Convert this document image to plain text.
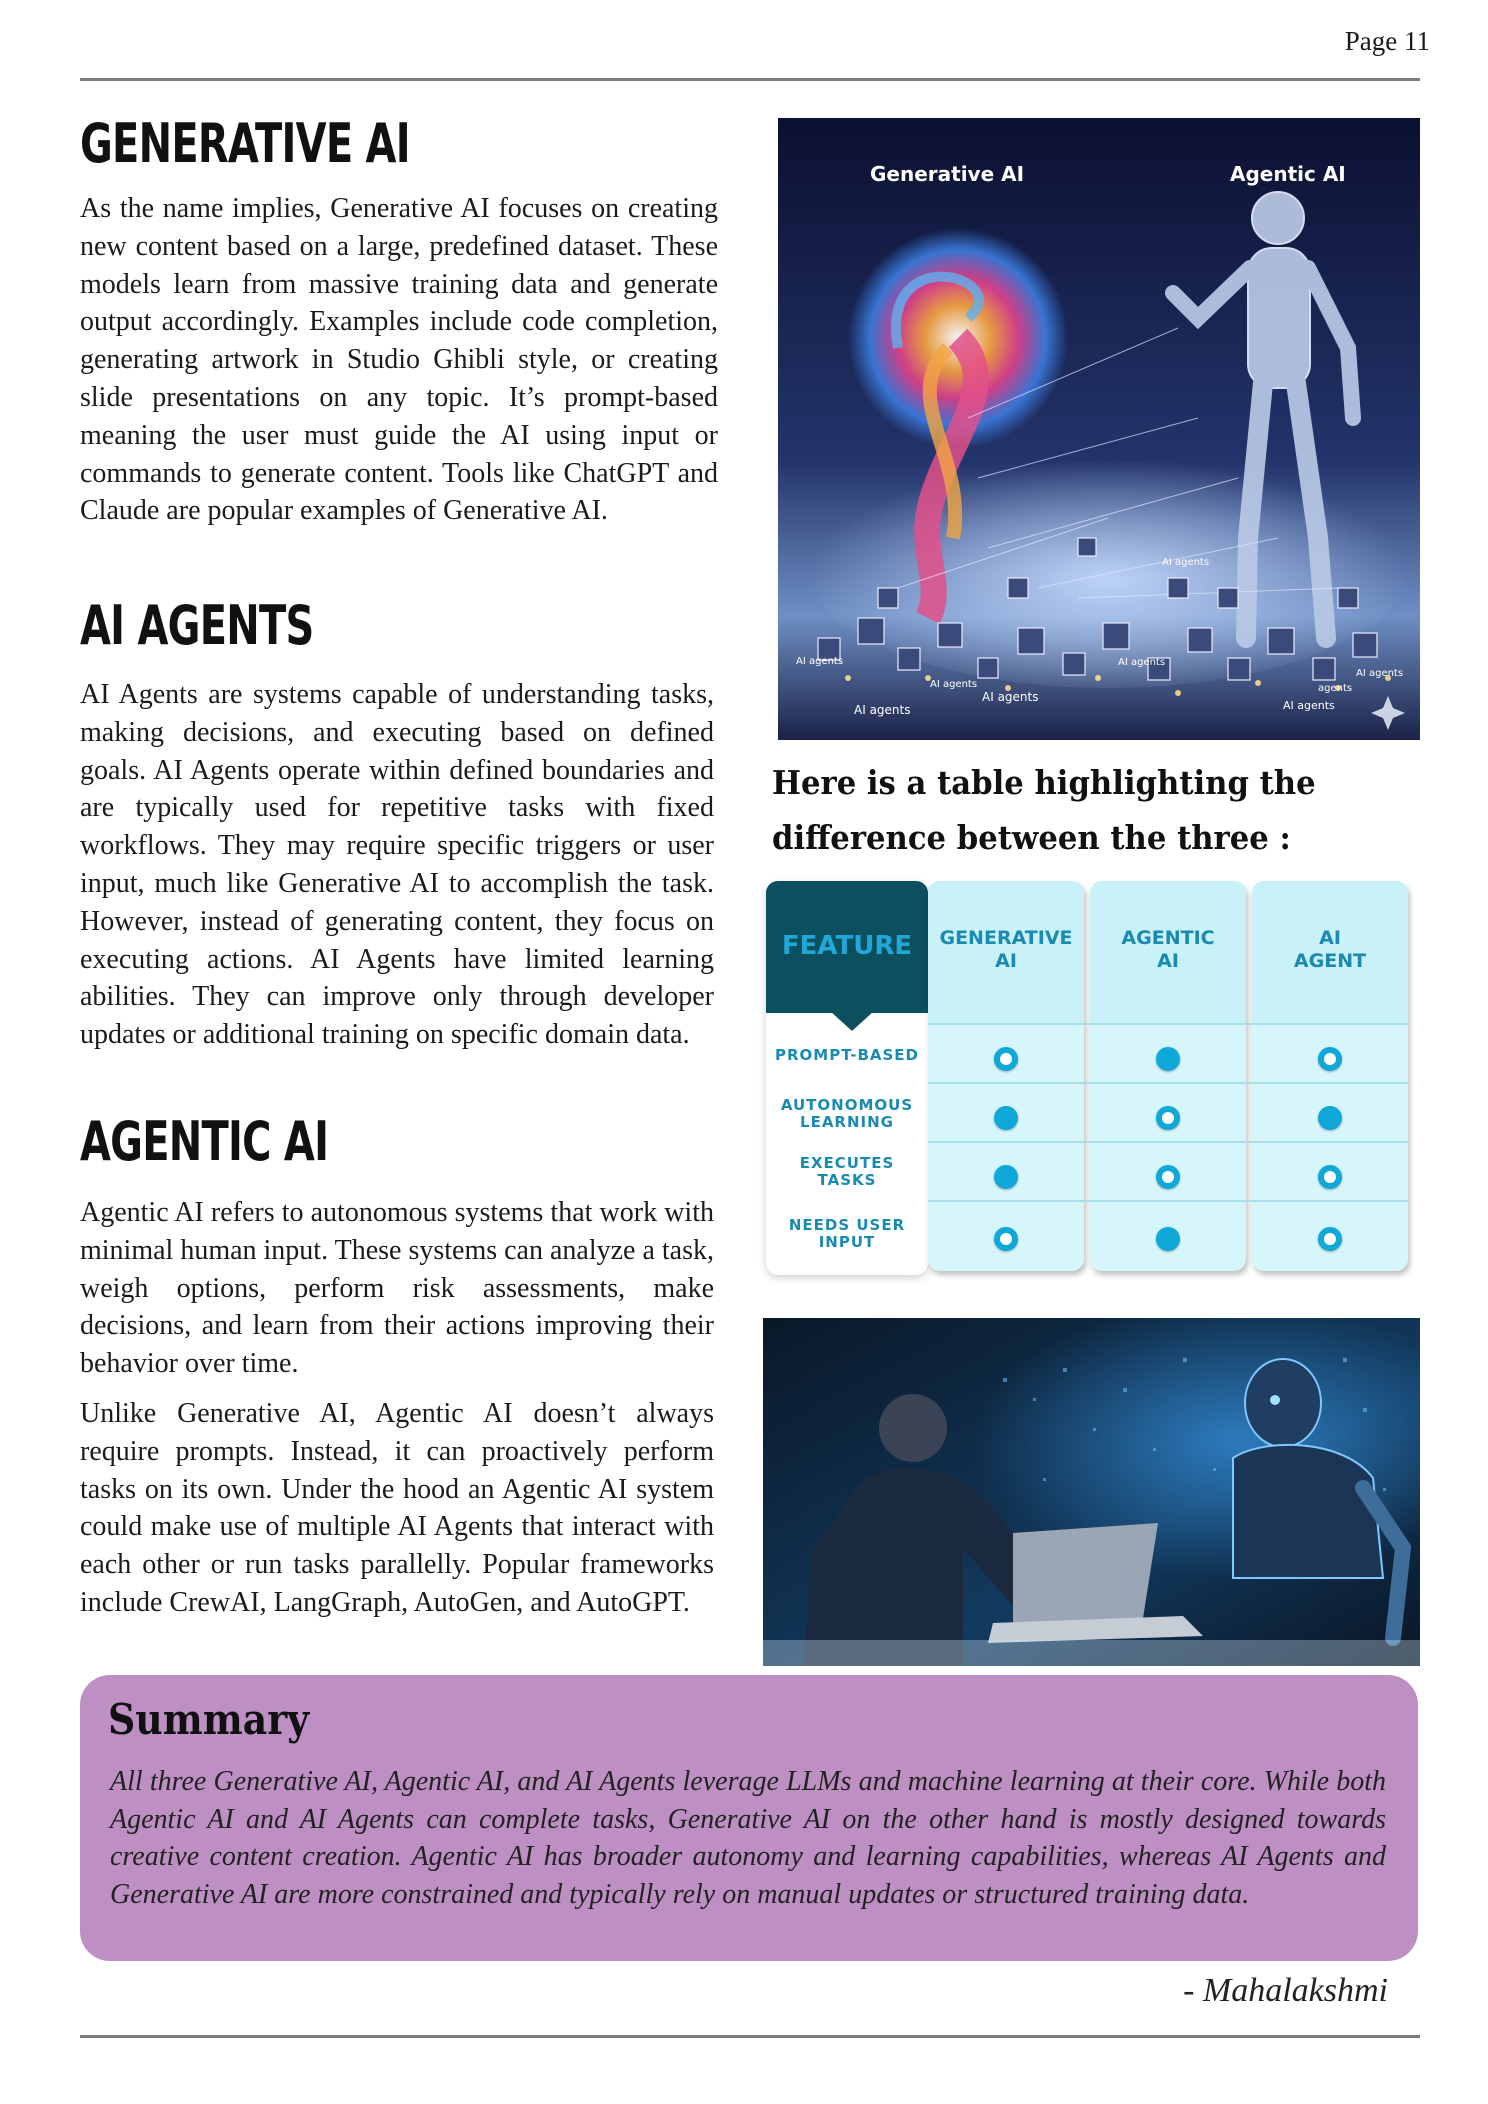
Page 11
GENERATIVE AI

As the name implies, Generative AI focuses on creating new content based on a large, predefined dataset. These models learn from massive training data and generate output accordingly. Examples include code completion, generating artwork in Studio Ghibli style, or creating slide presentations on any topic. It’s prompt-based meaning the user must guide the AI using input or commands to generate content. Tools like ChatGPT and Claude are popular examples of Generative AI.

AI AGENTS

AI Agents are systems capable of understanding tasks, making decisions, and executing based on defined goals. AI Agents operate within defined boundaries and are typically used for repetitive tasks with fixed workflows. They may require specific triggers or user input, much like Generative AI to accomplish the task. However, instead of generating content, they focus on executing actions. AI Agents have limited learning abilities. They can improve only through developer updates or additional training on specific domain data.

AGENTIC AI

Agentic AI refers to autonomous systems that work with minimal human input. These systems can analyze a task, weigh options, perform risk assessments, make decisions, and learn from their actions improving their behavior over time.

Unlike Generative AI, Agentic AI doesn’t always require prompts. Instead, it can proactively perform tasks on its own. Under the hood an Agentic AI system could make use of multiple AI Agents that interact with each other or run tasks parallelly. Popular frameworks include CrewAI, LangGraph, AutoGen, and AutoGPT.

Generative AI	Agentic AI
AI agents
AI agents	AI agents
AI agents
AI agents
AI agents
AI agents
agents
AI agents

Here is a table highlighting the difference between the three :

FEATURE
PROMPT-BASED
AUTONOMOUS
LEARNING
EXECUTES
TASKS
NEEDS USER
INPUT
GENERATIVE
AI
AGENTIC
AI
AI
AGENT
Summary

All three Generative AI, Agentic AI, and AI Agents leverage LLMs and machine learning at their core. While both Agentic AI and AI Agents can complete tasks, Generative AI on the other hand is mostly designed towards creative content creation. Agentic AI has broader autonomy and learning capabilities, whereas AI Agents and Generative AI are more constrained and typically rely on manual updates or structured training data.

- Mahalakshmi
